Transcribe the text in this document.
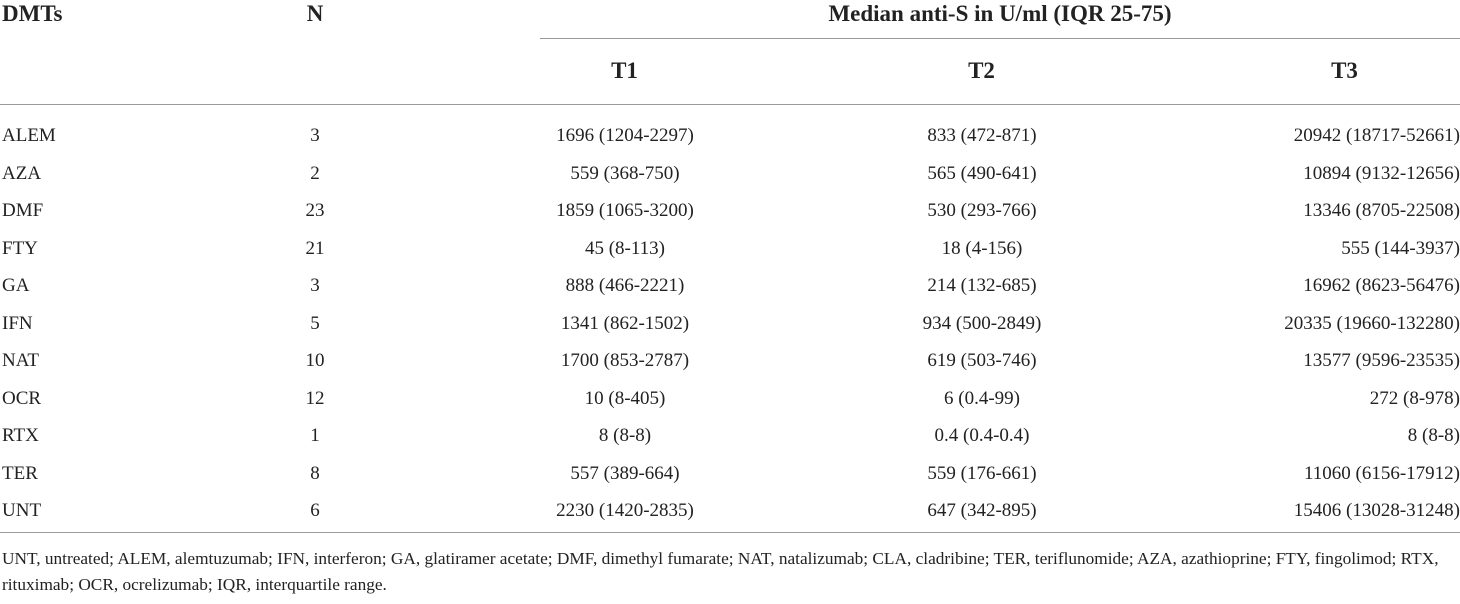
DMTs	N	Median anti-S in U/ml (IQR 25-75)
T1	T2	T3
ALEM	3	1696 (1204-2297)	833 (472-871)	20942 (18717-52661)
AZA	2	559 (368-750)	565 (490-641)	10894 (9132-12656)
DMF	23	1859 (1065-3200)	530 (293-766)	13346 (8705-22508)
FTY	21	45 (8-113)	18 (4-156)	555 (144-3937)
GA	3	888 (466-2221)	214 (132-685)	16962 (8623-56476)
IFN	5	1341 (862-1502)	934 (500-2849)	20335 (19660-132280)
NAT	10	1700 (853-2787)	619 (503-746)	13577 (9596-23535)
OCR	12	10 (8-405)	6 (0.4-99)	272 (8-978)
RTX	1	8 (8-8)	0.4 (0.4-0.4)	8 (8-8)
TER	8	557 (389-664)	559 (176-661)	11060 (6156-17912)
UNT	6	2230 (1420-2835)	647 (342-895)	15406 (13028-31248)
UNT, untreated; ALEM, alemtuzumab; IFN, interferon; GA, glatiramer acetate; DMF, dimethyl fumarate; NAT, natalizumab; CLA, cladribine; TER, teriflunomide; AZA, azathioprine; FTY, fingolimod; RTX, rituximab; OCR, ocrelizumab; IQR, interquartile range.
